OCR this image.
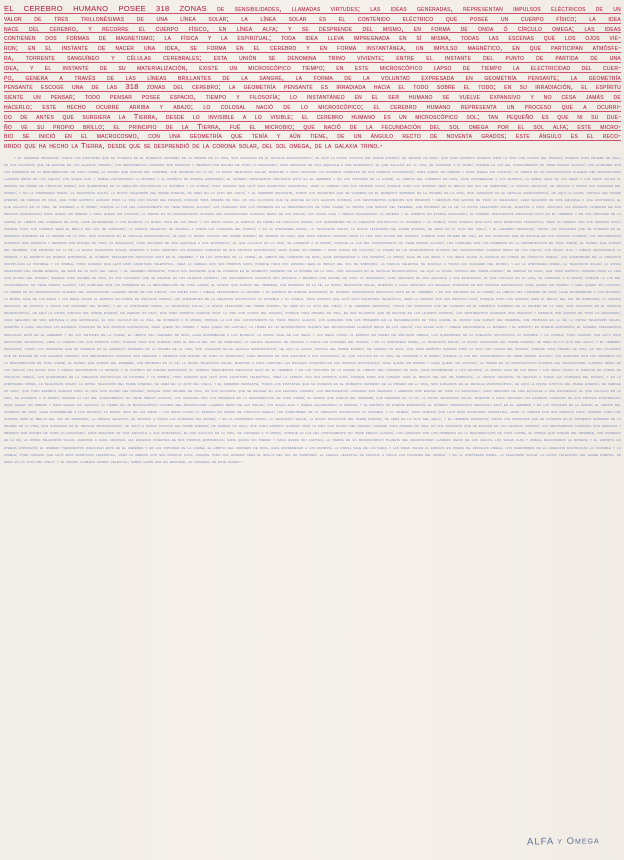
EL CEREBRO HUMANO POSEE 318 ZONAS de sensibilidades, llamadas virtudes; las ideas generadas, representan impulsos eléctricos de un
valor de tres trillonésimas de una línea solar; la línea solar es el contenido eléctrico que posee un cuerpo físico; la idea
nace del cerebro, y recorre el cuerpo físico, en línea alfa; y se desprende del mismo, en forma de onda ó círculo omega; las ideas
contienen dos formas de magnetismo; la física y la espiritual; toda idea lleva impregnada en sí misma, todas las escenas que los ojos vie-
ron; en el instante de nacer una idea, se forma en el cerebro y en forma instantánea, un impulso magnético, en que participan atmósfe-
ra, torrente sanguíneo y células cerebrales; esta unión se denomina trino viviente; entre el instante del punto de partida de una
idea, y el instante de su materialización, existe un microscópico tiempo; en este microscópico lapso de tiempo la electricidad del cuer-
po, genera a través de las líneas brillantes de la sangre, la forma de la voluntad expresada en geometría pensante; la geometría
pensante escoge una de las 318 zonas del cerebro; la geometría pensante es irradiada hacia el todo sobre el todo; en su irradiación, el espíritu
siente un pensar; todo pensar posee espacio, tiempo y filosofía; lo instantáneo en el ser humano se vuelve expansivo y no cesa jamás de
hacerlo; este hecho ocurre arriba y abajo; lo colosal nació de lo microscópico; el cerebro humano representa un proceso que a ocurri-
do de antes que surgiera la Tierra, desde lo invisible a lo visible; el cerebro humano es un microscópico sol; tan pequeño es que ni su due-
ño ve su propio brillo; el principio de la Tierra, fué el microbio; que nació de la fecundación del sol omega por el sol alfa; este micro-
bio se inició en el macrocosmo, con una geometría que tenía y aún tiene, de un ángulo recto de noventa grados; este ángulo es el reco-
rrido que ha hecho la Tierra, desde que se desprendió de la corona solar, del sol omega, de la galaxia trino.-
y el cerebro pensante; todos los instantes que se vivieron en el momento supremo de la prueba de la vida, son juzgados en el detalle microscópico; he aquí la divina justicia del padre eterno; de verdad os digo, que todo espíritu humano pidió la vida con olvido del pasado; porque toda prueba de vida, es una filosofía que se escoge en los lejanos cosmos; los sentimientos humanos son pesados y medidos por encima de todo lo imaginado; cada segundo de vida equivale a una existencia; el que calculó en la vida, se condenó a sí mismo; porque la luz del conocimiento no tiene precio alguno; los humildes son los primeros en la resurrección de toda carne; el mundo que surgió del pesebre, fué probado en la fé; la divina televisión solar, muestra a cada criatura las escenas vivientes de sus propias existencias; nada queda sin premio y nada queda sin castigo; la tierra es un microscópico planeta del macrocosmo llamado reino de los cielos; los soles alfa y omega fecundaron la materia y el espíritu en eterna expansión; el número trescientos dieciocho está en el cerebro y en las virtudes de la carne; el librito del cordero de dios, hace estremecer a los mundos; la moral sale de las ideas y las ideas viajan al espacio en forma de círculos omega; los querubines de la creación multiplican lo invisible y lo visible; todo humano que leyó esta escritura telepática, verá la verdad con sus propios ojos; porque todo ojo humano verá el brillo del sol de sabiduría; la ciencia celestial se anuncia a todas las ciudades del mundo; y en la atmósfera misma, la televisión solar; la divina televisión del padre eterno, se verá en lo alto del cielo; y el cerebro pensante; todos los instantes que se vivieron en el momento supremo de la prueba de la vida, son juzgados en el detalle microscópico; he aquí la divina justicia del padre eterno; de verdad os digo, que todo espíritu humano pidió la vida con olvido del pasado; porque toda prueba de vida, es una filosofía que se escoge en los lejanos cosmos; los sentimientos humanos son pesados y medidos por encima de todo lo imaginado; cada segundo de vida equivale a una existencia; el que calculó en la vida, se condenó a sí mismo; porque la luz del conocimiento no tiene precio alguno; los humildes son los primeros en la resurrección de toda carne; el mundo que surgió del pesebre, fué probado en la fé; la divina televisión solar, muestra a cada criatura las escenas vivientes de sus propias existencias; nada queda sin premio y nada queda sin castigo; la tierra es un microscópico planeta del macrocosmo llamado reino de los cielos; los soles alfa y omega fecundaron la materia y el espíritu en eterna expansión; el número trescientos dieciocho está en el cerebro y en las virtudes de la carne; el librito del cordero de dios, hace estremecer a los mundos; la moral sale de las ideas y las ideas viajan al espacio en forma de círculos omega; los querubines de la creación multiplican lo invisible y lo visible; todo humano que leyó esta escritura telepática, verá la verdad con sus propios ojos; porque todo ojo humano verá el brillo del sol de sabiduría; la ciencia celestial se anuncia a todas las ciudades del mundo; y en la atmósfera misma, la televisión solar; la divina televisión del padre eterno, se verá en lo alto del cielo; y el cerebro pensante; todos los instantes que se vivieron en el momento supremo de la prueba de la vida, son juzgados en el detalle microscópico; he aquí la divina justicia del padre eterno; de verdad os digo, que todo espíritu humano pidió la vida con olvido del pasado; porque toda prueba de vida, es una filosofía que se escoge en los lejanos cosmos; los sentimientos humanos son pesados y medidos por encima de todo lo imaginado; cada segundo de vida equivale a una existencia; el que calculó en la vida, se condenó a sí mismo; porque la luz del conocimiento no tiene precio alguno; los humildes son los primeros en la resurrección de toda carne; el mundo que surgió del pesebre, fué probado en la fé; la divina televisión solar, muestra a cada criatura las escenas vivientes de sus propias existencias; nada queda sin premio y nada queda sin castigo; la tierra es un microscópico planeta del macrocosmo llamado reino de los cielos; los soles alfa y omega fecundaron la materia y el espíritu en eterna expansión; el número trescientos dieciocho está en el cerebro y en las virtudes de la carne; el librito del cordero de dios, hace estremecer a los mundos; la moral sale de las ideas y las ideas viajan al espacio en forma de círculos omega; los querubines de la creación multiplican lo invisible y lo visible; todo humano que leyó esta escritura telepática, verá la verdad con sus propios ojos; porque todo ojo humano verá el brillo del sol de sabiduría; la ciencia celestial se anuncia a todas las ciudades del mundo; y en la atmósfera misma, la televisión solar; la divina televisión del padre eterno, se verá en lo alto del cielo; y el cerebro pensante; todos los instantes que se vivieron en el momento supremo de la prueba de la vida, son juzgados en el detalle microscópico; he aquí la divina justicia del padre eterno; de verdad os digo, que todo espíritu humano pidió la vida con olvido del pasado; porque toda prueba de vida, es una filosofía que se escoge en los lejanos cosmos; los sentimientos humanos son pesados y medidos por encima de todo lo imaginado; cada segundo de vida equivale a una existencia; el que calculó en la vida, se condenó a sí mismo; porque la luz del conocimiento no tiene precio alguno; los humildes son los primeros en la resurrección de toda carne; el mundo que surgió del pesebre, fué probado en la fé; la divina televisión solar, muestra a cada criatura las escenas vivientes de sus propias existencias; nada queda sin premio y nada queda sin castigo; la tierra es un microscópico planeta del macrocosmo llamado reino de los cielos; los soles alfa y omega fecundaron la materia y el espíritu en eterna expansión; el número trescientos dieciocho está en el cerebro y en las virtudes de la carne; el librito del cordero de dios, hace estremecer a los mundos; la moral sale de las ideas y las ideas viajan al espacio en forma de círculos omega; los querubines de la creación multiplican lo invisible y lo visible; todo humano que leyó esta escritura telepática, verá la verdad con sus propios ojos; porque todo ojo humano verá el brillo del sol de sabiduría; la ciencia celestial se anuncia a todas las ciudades del mundo; y en la atmósfera misma, la televisión solar; la divina televisión del padre eterno, se verá en lo alto del cielo; y el cerebro pensante; todos los instantes que se vivieron en el momento supremo de la prueba de la vida, son juzgados en el detalle microscópico; he aquí la divina justicia del padre eterno; de verdad os digo, que todo espíritu humano pidió la vida con olvido del pasado; porque toda prueba de vida, es una filosofía que se escoge en los lejanos cosmos; los sentimientos humanos son pesados y medidos por encima de todo lo imaginado; cada segundo de vida equivale a una existencia; el que calculó en la vida, se condenó a sí mismo; porque la luz del conocimiento no tiene precio alguno; los humildes son los primeros en la resurrección de toda carne; el mundo que surgió del pesebre, fué probado en la fé; la divina televisión solar, muestra a cada criatura las escenas vivientes de sus propias existencias; nada queda sin premio y nada queda sin castigo; la tierra es un microscópico planeta del macrocosmo llamado reino de los cielos; los soles alfa y omega fecundaron la materia y el espíritu en eterna expansión; el número trescientos dieciocho está en el cerebro y en las virtudes de la carne; el librito del cordero de dios, hace estremecer a los mundos; la moral sale de las ideas y las ideas viajan al espacio en forma de círculos omega; los querubines de la creación multiplican lo invisible y lo visible; todo humano que leyó esta escritura telepática, verá la verdad con sus propios ojos; porque todo ojo humano verá el brillo del sol de sabiduría; la ciencia celestial se anuncia a todas las ciudades del mundo; y en la atmósfera misma, la televisión solar; la divina televisión del padre eterno, se verá en lo alto del cielo; y el cerebro pensante; todos los instantes que se vivieron en el momento supremo de la prueba de la vida, son juzgados en el detalle microscópico; he aquí la divina justicia del padre eterno; de verdad os digo, que todo espíritu humano pidió la vida con olvido del pasado; porque toda prueba de vida, es una filosofía que se escoge en los lejanos cosmos; los sentimientos humanos son pesados y medidos por encima de todo lo imaginado; cada segundo de vida equivale a una existencia; el que calculó en la vida, se condenó a sí mismo; porque la luz del conocimiento no tiene precio alguno; los humildes son los primeros en la resurrección de toda carne; el mundo que surgió del pesebre, fué probado en la fé; la divina televisión solar, muestra a cada criatura las escenas vivientes de sus propias existencias; nada queda sin premio y nada queda sin castigo; la tierra es un microscópico planeta del macrocosmo llamado reino de los cielos; los soles alfa y omega fecundaron la materia y el espíritu en eterna expansión; el número trescientos dieciocho está en el cerebro y en las virtudes de la carne; el librito del cordero de dios, hace estremecer a los mundos; la moral sale de las ideas y las ideas viajan al espacio en forma de círculos omega; los querubines de la creación multiplican lo invisible y lo visible; todo humano que leyó esta escritura telepática, verá la verdad con sus propios ojos; porque todo ojo humano verá el brillo del sol de sabiduría; la ciencia celestial se anuncia a todas las ciudades del mundo; y en la atmósfera misma, la televisión solar; la divina televisión del padre eterno, se verá en lo alto del cielo; y el cerebro pensante; todos los instantes que se vivieron en el momento supremo de la prueba de la vida, son juzgados en el detalle microscópico; he aquí la divina justicia del padre eterno; de verdad os digo, que todo espíritu humano pidió la vida con olvido del pasado; porque toda prueba de vida, es una filosofía que se escoge en los lejanos cosmos; los sentimientos humanos son pesados y medidos por encima de todo lo imaginado; cada segundo de vida equivale a una existencia; el que calculó en la vida, se condenó a sí mismo; porque la luz del conocimiento no tiene precio alguno; los humildes son los primeros en la resurrección de toda carne; el mundo que surgió del pesebre, fué probado en la fé; la divina televisión solar, muestra a cada criatura las escenas vivientes de sus propias existencias; nada queda sin premio y nada queda sin castigo; la tierra es un microscópico planeta del macrocosmo llamado reino de los cielos; los soles alfa y omega fecundaron la materia y el espíritu en eterna expansión; el número trescientos dieciocho está en el cerebro y en las virtudes de la carne; el librito del cordero de dios, hace estremecer a los mundos; la moral sale de las ideas y las ideas viajan al espacio en forma de círculos omega; los querubines de la creación multiplican lo invisible y lo visible; todo humano que leyó esta escritura telepática, verá la verdad con sus propios ojos; porque todo ojo humano verá el brillo del sol de sabiduría; la ciencia celestial se anuncia a todas las ciudades del mundo; y en la atmósfera misma, la televisión solar; la divina televisión del padre eterno, se verá en lo alto del cielo; y el cerebro pensante; todos los instantes que se vivieron en el momento supremo de la prueba de la vida, son juzgados en el detalle microscópico; he aquí la divina justicia del padre eterno; de verdad os digo, que todo espíritu humano pidió la vida con olvido del pasado; porque toda prueba de vida, es una filosofía que se escoge en los lejanos cosmos; los sentimientos humanos son pesados y medidos por encima de todo lo imaginado; cada segundo de vida equivale a una existencia; el que calculó en la vida, se condenó a sí mismo; porque la luz del conocimiento no tiene precio alguno; los humildes son los primeros en la resurrección de toda carne; el mundo que surgió del pesebre, fué probado en la fé; la divina televisión solar, muestra a cada criatura las escenas vivientes de sus propias existencias; nada queda sin premio y nada queda sin castigo; la tierra es un microscópico planeta del macrocosmo llamado reino de los cielos; los soles alfa y omega fecundaron la materia y el espíritu en eterna expansión; el número trescientos dieciocho está en el cerebro y en las virtudes de la carne; el librito del cordero de dios, hace estremecer a los mundos; la moral sale de las ideas y las ideas viajan al espacio en forma de círculos omega; los querubines de la creación multiplican lo invisible y lo visible; todo humano que leyó esta escritura telepática, verá la verdad con sus propios ojos; porque todo ojo humano verá el brillo del sol de sabiduría; la ciencia celestial se anuncia a todas las ciudades del mundo; y en la atmósfera misma, la televisión solar; la divina televisión del padre eterno, se verá en lo alto del cielo; y el mundo llamado mundo celestial, sabrá quién era en realidad, el sagrado de este mundo.-
ALFA y Omega
